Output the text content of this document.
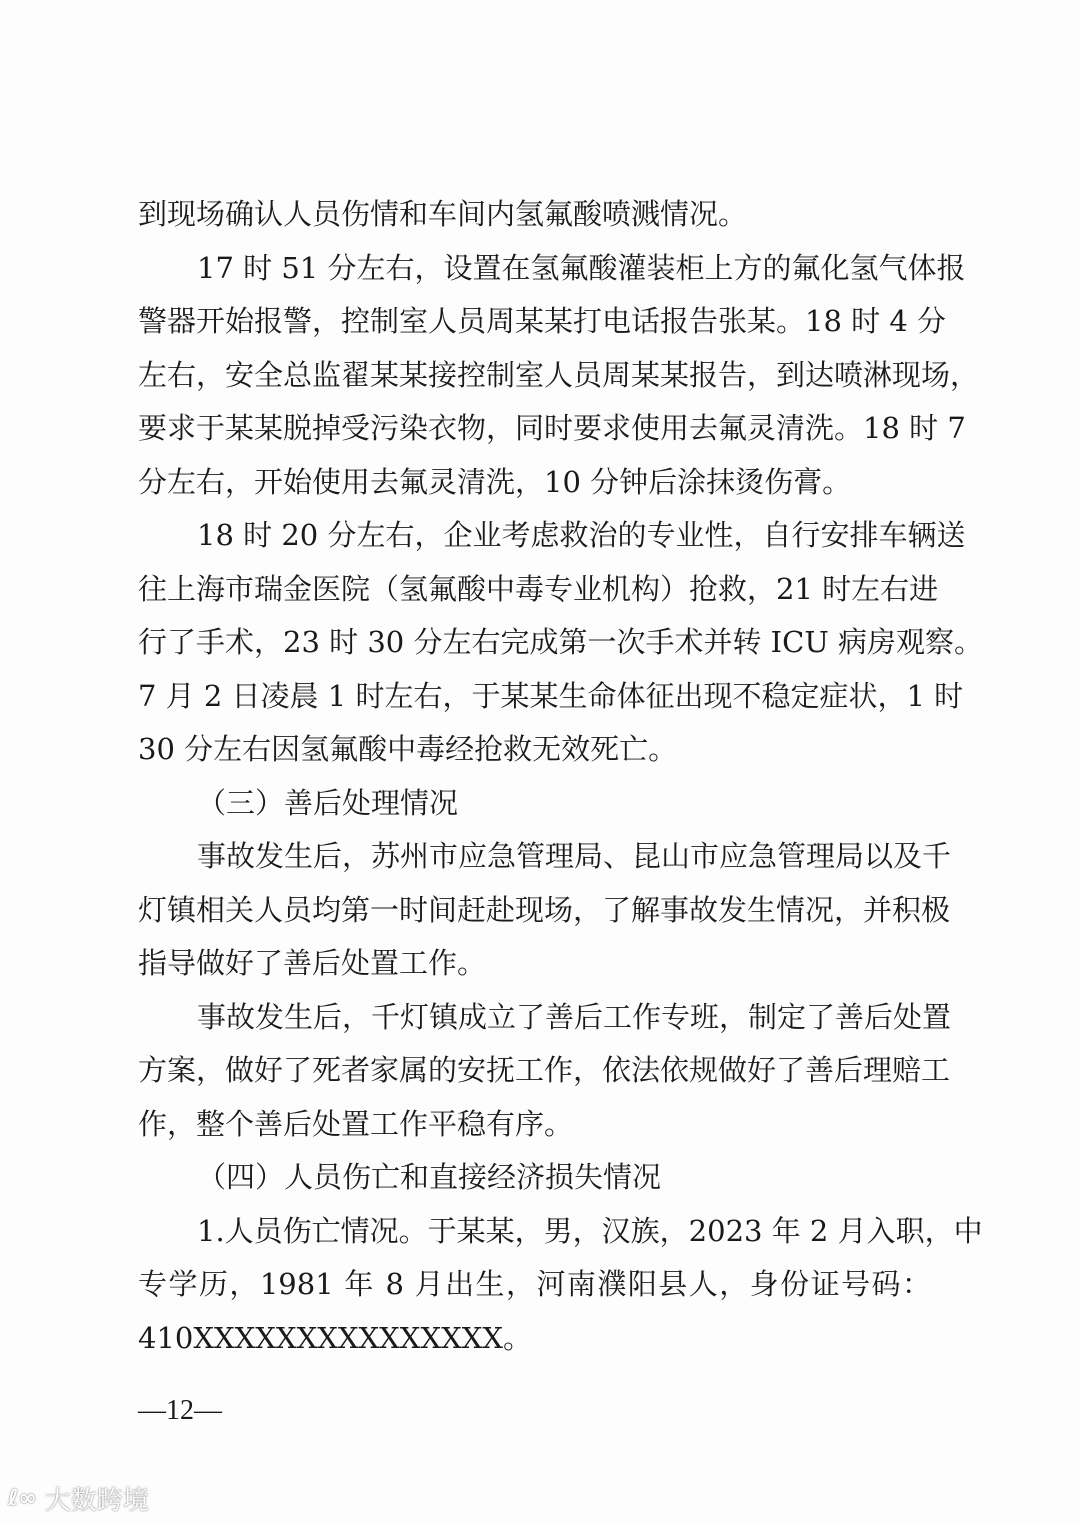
到现场确认人员伤情和车间内氢氟酸喷溅情况。
17 时 51 分左右，设置在氢氟酸灌装柜上方的氟化氢气体报
警器开始报警，控制室人员周某某打电话报告张某。18 时 4 分
左右，安全总监翟某某接控制室人员周某某报告，到达喷淋现场，
要求于某某脱掉受污染衣物，同时要求使用去氟灵清洗。18 时 7
分左右，开始使用去氟灵清洗，10 分钟后涂抹烫伤膏。
18 时 20 分左右，企业考虑救治的专业性，自行安排车辆送
往上海市瑞金医院（氢氟酸中毒专业机构）抢救，21 时左右进
行了手术，23 时 30 分左右完成第一次手术并转 ICU 病房观察。
7 月 2 日凌晨 1 时左右，于某某生命体征出现不稳定症状，1 时
30 分左右因氢氟酸中毒经抢救无效死亡。
（三）善后处理情况
事故发生后，苏州市应急管理局、昆山市应急管理局以及千
灯镇相关人员均第一时间赶赴现场，了解事故发生情况，并积极
指导做好了善后处置工作。
事故发生后，千灯镇成立了善后工作专班，制定了善后处置
方案，做好了死者家属的安抚工作，依法依规做好了善后理赔工
作，整个善后处置工作平稳有序。
（四）人员伤亡和直接经济损失情况
1.人员伤亡情况。于某某，男，汉族，2023 年 2 月入职，中
专学历，1981 年 8 月出生，河南濮阳县人，身份证号码：
410XXXXXXXXXXXXXXX。
—12—
ℓ∞ 大数跨境
